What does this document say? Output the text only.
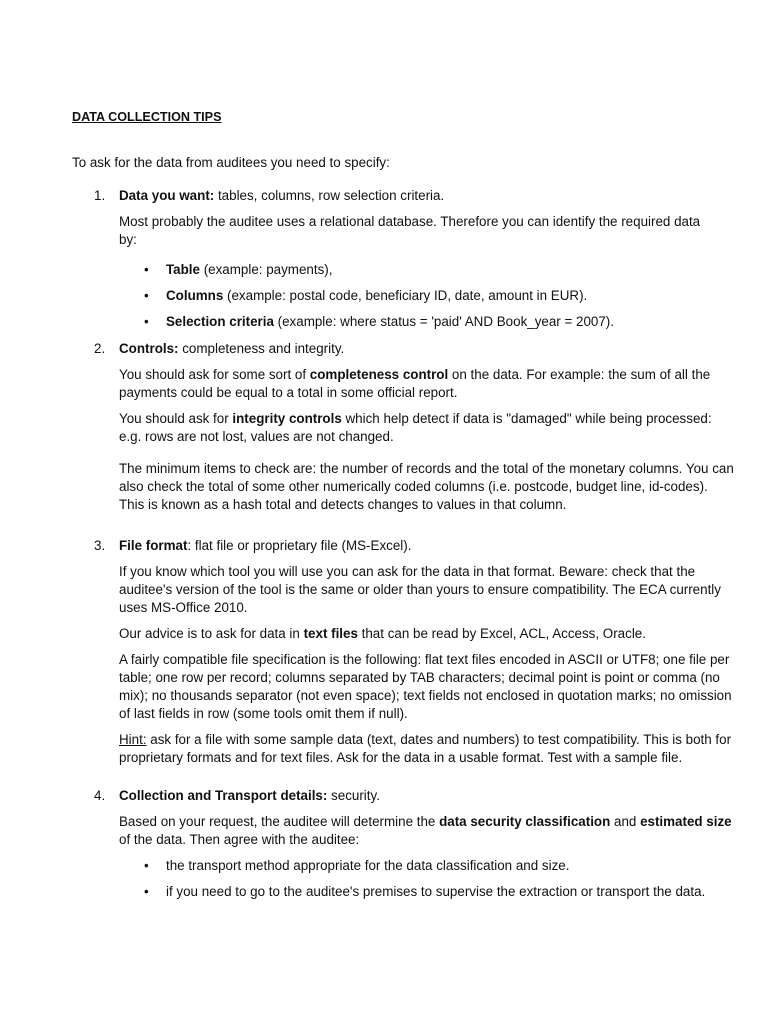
DATA COLLECTION TIPS
To ask for the data from auditees you need to specify:
1.	Data you want: tables, columns, row selection criteria.

Most probably the auditee uses a relational database. Therefore you can identify the required data by:

• Table (example: payments),
• Columns (example: postal code, beneficiary ID, date, amount in EUR).
• Selection criteria (example: where status = 'paid' AND Book_year = 2007).
2.	Controls: completeness and integrity.

You should ask for some sort of completeness control on the data. For example: the sum of all the payments could be equal to a total in some official report.

You should ask for integrity controls which help detect if data is "damaged" while being processed: e.g. rows are not lost, values are not changed.

The minimum items to check are: the number of records and the total of the monetary columns. You can also check the total of some other numerically coded columns (i.e. postcode, budget line, id-codes). This is known as a hash total and detects changes to values in that column.

3.	File format: flat file or proprietary file (MS-Excel).

If you know which tool you will use you can ask for the data in that format. Beware: check that the auditee's version of the tool is the same or older than yours to ensure compatibility. The ECA currently uses MS-Office 2010.

Our advice is to ask for data in text files that can be read by Excel, ACL, Access, Oracle.

A fairly compatible file specification is the following: flat text files encoded in ASCII or UTF8; one file per table; one row per record; columns separated by TAB characters; decimal point is point or comma (no mix); no thousands separator (not even space); text fields not enclosed in quotation marks; no omission of last fields in row (some tools omit them if null).

Hint: ask for a file with some sample data (text, dates and numbers) to test compatibility. This is both for proprietary formats and for text files. Ask for the data in a usable format. Test with a sample file.

4.	Collection and Transport details: security.

Based on your request, the auditee will determine the data security classification and estimated size of the data. Then agree with the auditee:

• the transport method appropriate for the data classification and size.
• if you need to go to the auditee's premises to supervise the extraction or transport the data.
